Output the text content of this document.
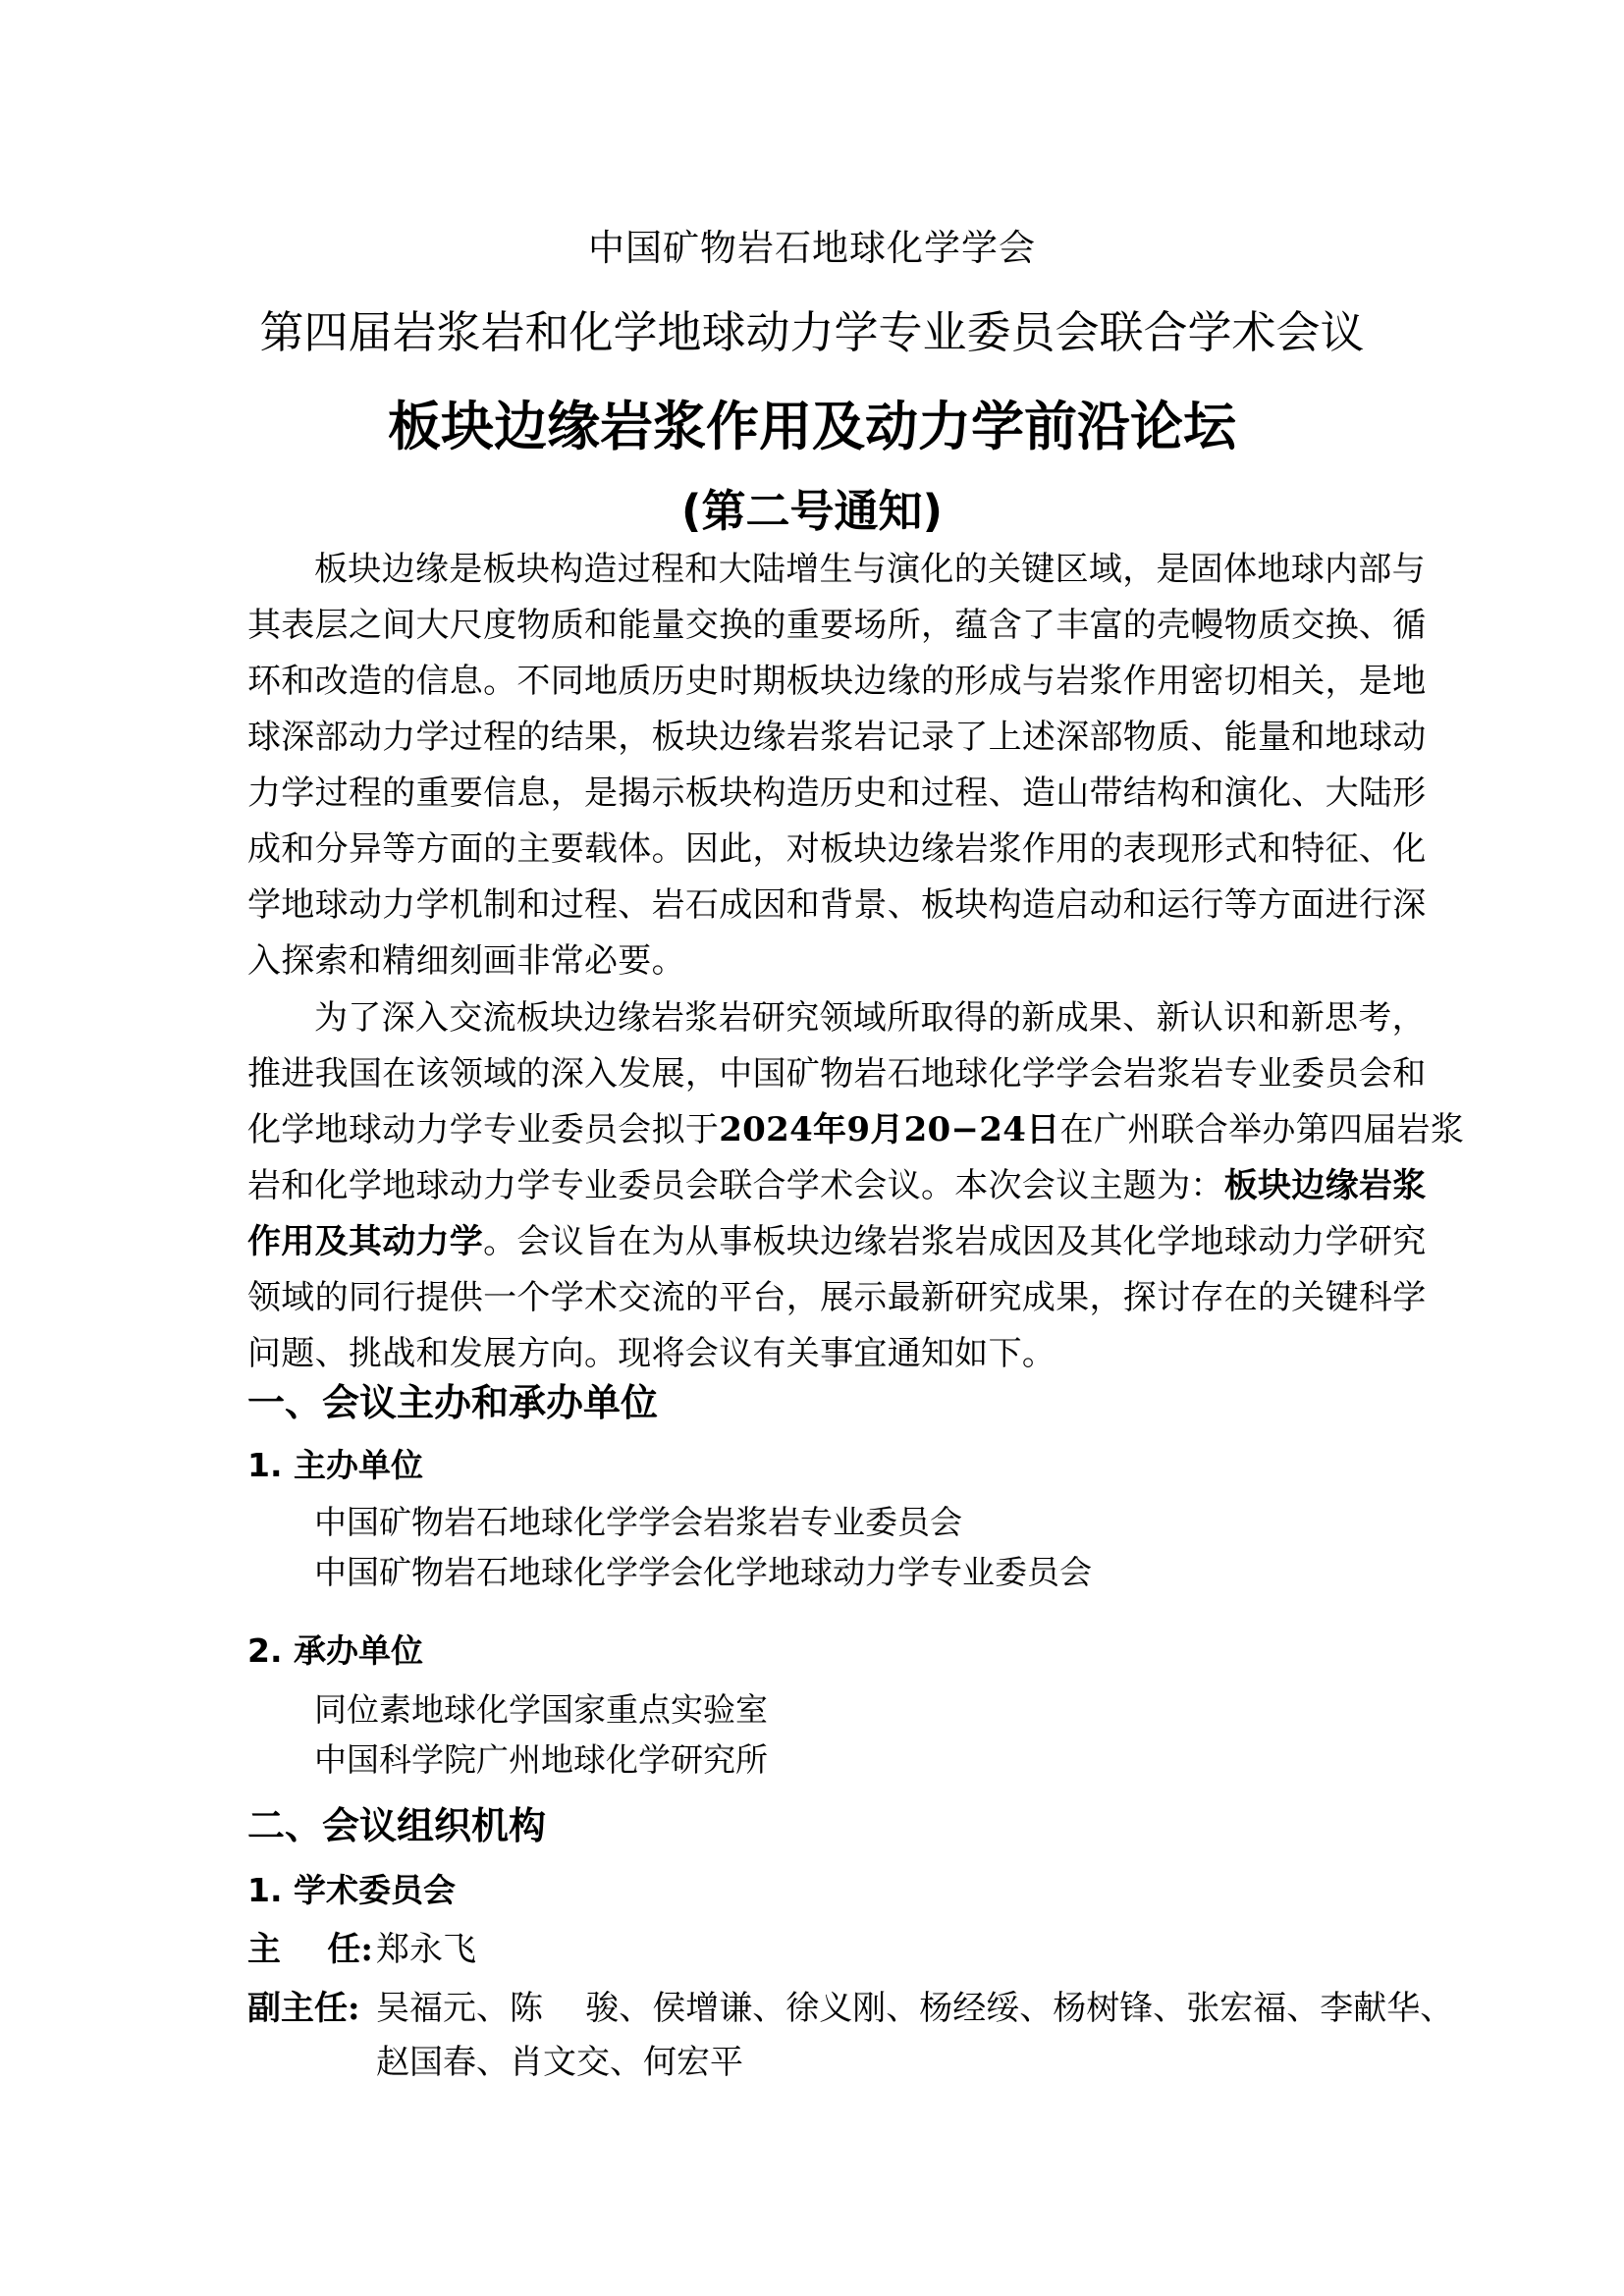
中国矿物岩石地球化学学会
第四届岩浆岩和化学地球动力学专业委员会联合学术会议
板块边缘岩浆作用及动力学前沿论坛
(第二号通知)
板块边缘是板块构造过程和大陆增生与演化的关键区域，是固体地球内部与
其表层之间大尺度物质和能量交换的重要场所，蕴含了丰富的壳幔物质交换、循
环和改造的信息。不同地质历史时期板块边缘的形成与岩浆作用密切相关，是地
球深部动力学过程的结果，板块边缘岩浆岩记录了上述深部物质、能量和地球动
力学过程的重要信息，是揭示板块构造历史和过程、造山带结构和演化、大陆形
成和分异等方面的主要载体。因此，对板块边缘岩浆作用的表现形式和特征、化
学地球动力学机制和过程、岩石成因和背景、板块构造启动和运行等方面进行深
入探索和精细刻画非常必要。
为了深入交流板块边缘岩浆岩研究领域所取得的新成果、新认识和新思考，
推进我国在该领域的深入发展，中国矿物岩石地球化学学会岩浆岩专业委员会和
化学地球动力学专业委员会拟于2024年9月20−24日在广州联合举办第四届岩浆
岩和化学地球动力学专业委员会联合学术会议。本次会议主题为：板块边缘岩浆
作用及其动力学。会议旨在为从事板块边缘岩浆岩成因及其化学地球动力学研究
领域的同行提供一个学术交流的平台，展示最新研究成果，探讨存在的关键科学
问题、挑战和发展方向。现将会议有关事宜通知如下。
一、会议主办和承办单位
1. 主办单位
中国矿物岩石地球化学学会岩浆岩专业委员会
中国矿物岩石地球化学学会化学地球动力学专业委员会
2. 承办单位
同位素地球化学国家重点实验室
中国科学院广州地球化学研究所
二、会议组织机构
1. 学术委员会
主    任: 郑永飞
副主任: 吴福元、陈    骏、侯增谦、徐义刚、杨经绥、杨树锋、张宏福、李献华、
赵国春、肖文交、何宏平
